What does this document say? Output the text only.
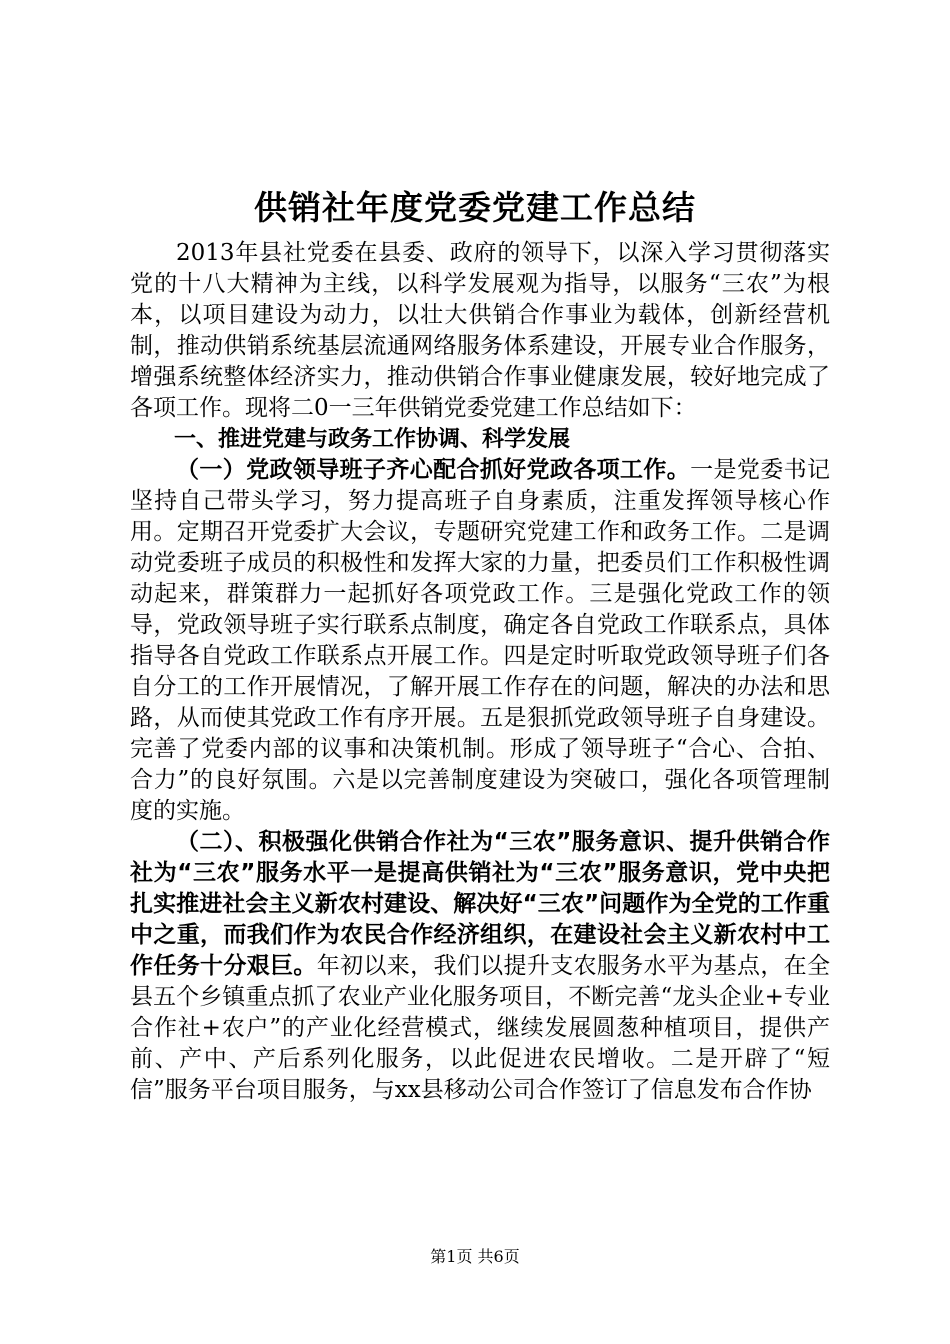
供销社年度党委党建工作总结

2013年县社党委在县委、政府的领导下，以深入学习贯彻落实党的十八大精神为主线，以科学发展观为指导，以服务“三农”为根本，以项目建设为动力，以壮大供销合作事业为载体，创新经营机制，推动供销系统基层流通网络服务体系建设，开展专业合作服务，增强系统整体经济实力，推动供销合作事业健康发展，较好地完成了各项工作。现将二0一三年供销党委党建工作总结如下：

一、推进党建与政务工作协调、科学发展

（一）党政领导班子齐心配合抓好党政各项工作。一是党委书记坚持自己带头学习，努力提高班子自身素质，注重发挥领导核心作用。定期召开党委扩大会议，专题研究党建工作和政务工作。二是调动党委班子成员的积极性和发挥大家的力量，把委员们工作积极性调动起来，群策群力一起抓好各项党政工作。三是强化党政工作的领导，党政领导班子实行联系点制度，确定各自党政工作联系点，具体指导各自党政工作联系点开展工作。四是定时听取党政领导班子们各自分工的工作开展情况，了解开展工作存在的问题，解决的办法和思路，从而使其党政工作有序开展。五是狠抓党政领导班子自身建设。完善了党委内部的议事和决策机制。形成了领导班子“合心、合拍、合力”的良好氛围。六是以完善制度建设为突破口，强化各项管理制度的实施。

（二）、积极强化供销合作社为“三农”服务意识、提升供销合作社为“三农”服务水平一是提高供销社为“三农”服务意识，党中央把扎实推进社会主义新农村建设、解决好“三农”问题作为全党的工作重中之重，而我们作为农民合作经济组织，在建设社会主义新农村中工作任务十分艰巨。年初以来，我们以提升支农服务水平为基点，在全县五个乡镇重点抓了农业产业化服务项目，不断完善“龙头企业+专业合作社+农户”的产业化经营模式，继续发展圆葱种植项目，提供产前、产中、产后系列化服务，以此促进农民增收。二是开辟了“短信”服务平台项目服务，与xx县移动公司合作签订了信息发布合作协

第1页 共6页
